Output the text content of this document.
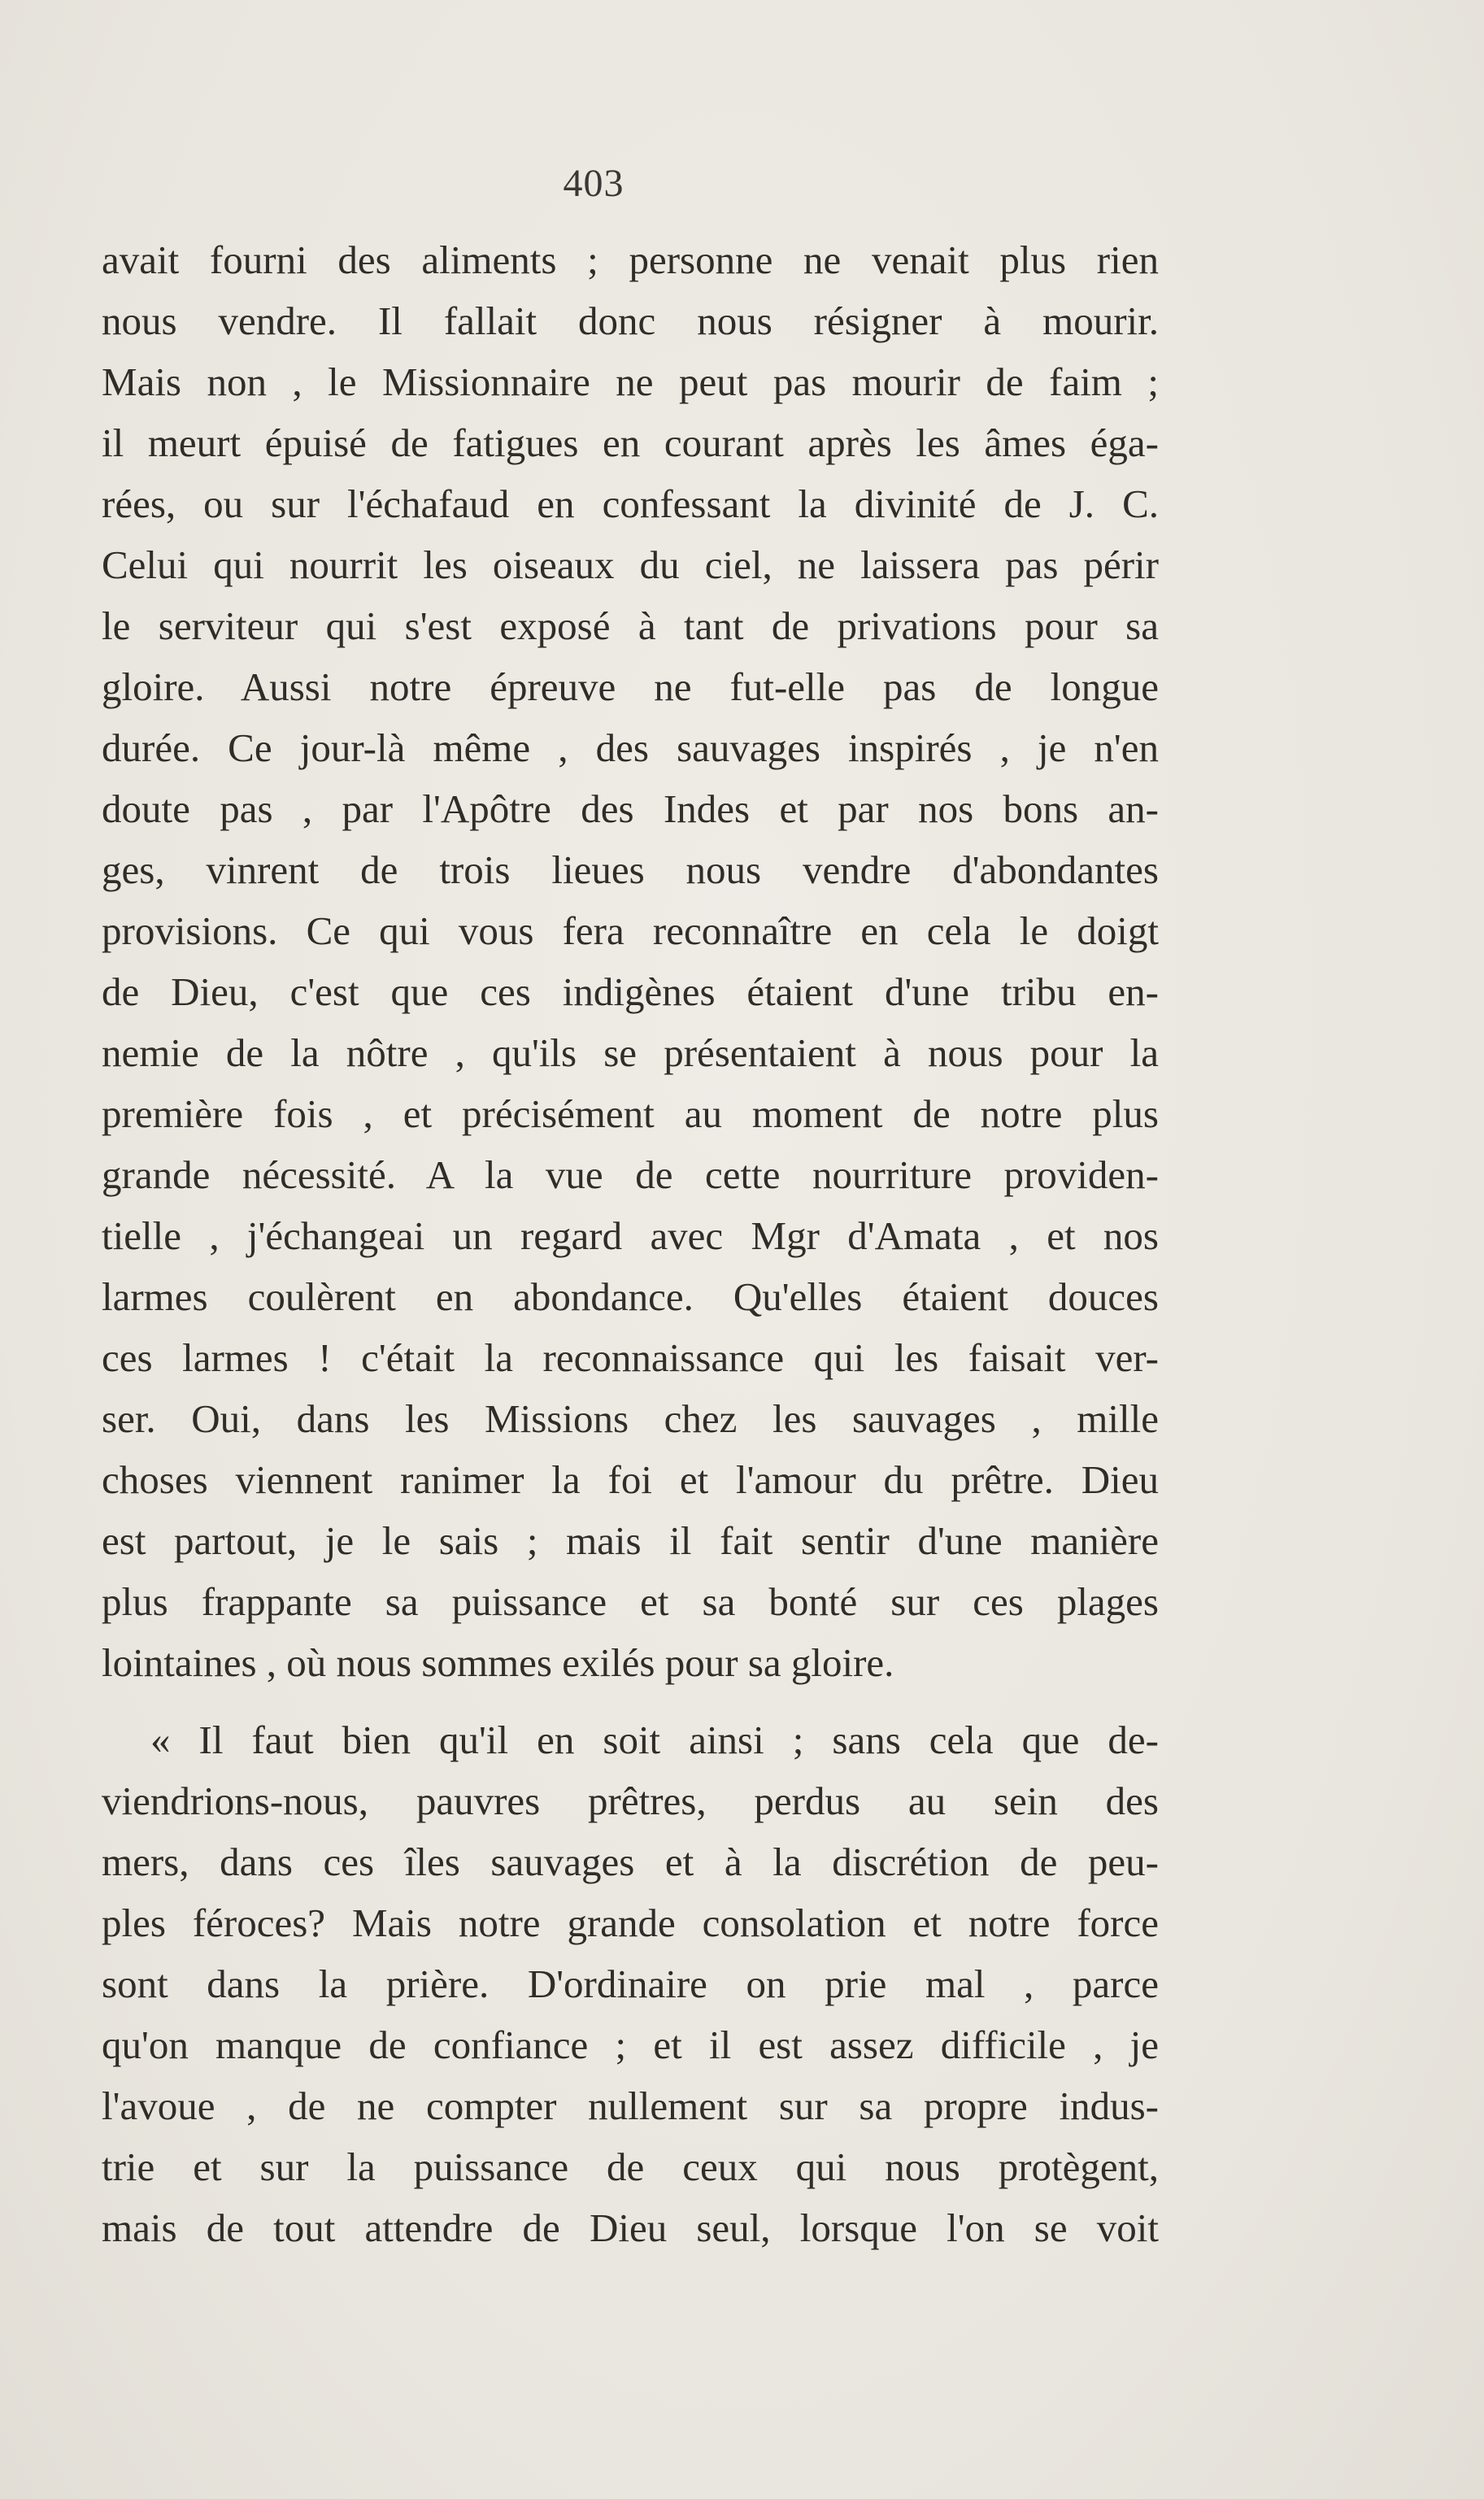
403
avait fourni des aliments ; personne ne venait plus rien
nous vendre. Il fallait donc nous résigner à mourir.
Mais non , le Missionnaire ne peut pas mourir de faim ;
il meurt épuisé de fatigues en courant après les âmes éga-
rées, ou sur l'échafaud en confessant la divinité de J. C.
Celui qui nourrit les oiseaux du ciel, ne laissera pas périr
le serviteur qui s'est exposé à tant de privations pour sa
gloire. Aussi notre épreuve ne fut-elle pas de longue
durée. Ce jour-là même , des sauvages inspirés , je n'en
doute pas , par l'Apôtre des Indes et par nos bons an-
ges, vinrent de trois lieues nous vendre d'abondantes
provisions. Ce qui vous fera reconnaître en cela le doigt
de Dieu, c'est que ces indigènes étaient d'une tribu en-
nemie de la nôtre , qu'ils se présentaient à nous pour la
première fois , et précisément au moment de notre plus
grande nécessité. A la vue de cette nourriture providen-
tielle , j'échangeai un regard avec Mgr d'Amata , et nos
larmes coulèrent en abondance. Qu'elles étaient douces
ces larmes ! c'était la reconnaissance qui les faisait ver-
ser. Oui, dans les Missions chez les sauvages , mille
choses viennent ranimer la foi et l'amour du prêtre. Dieu
est partout, je le sais ; mais il fait sentir d'une manière
plus frappante sa puissance et sa bonté sur ces plages
lointaines , où nous sommes exilés pour sa gloire.
« Il faut bien qu'il en soit ainsi ; sans cela que de-
viendrions-nous, pauvres prêtres, perdus au sein des
mers, dans ces îles sauvages et à la discrétion de peu-
ples féroces? Mais notre grande consolation et notre force
sont dans la prière. D'ordinaire on prie mal , parce
qu'on manque de confiance ; et il est assez difficile , je
l'avoue , de ne compter nullement sur sa propre indus-
trie et sur la puissance de ceux qui nous protègent,
mais de tout attendre de Dieu seul, lorsque l'on se voit
